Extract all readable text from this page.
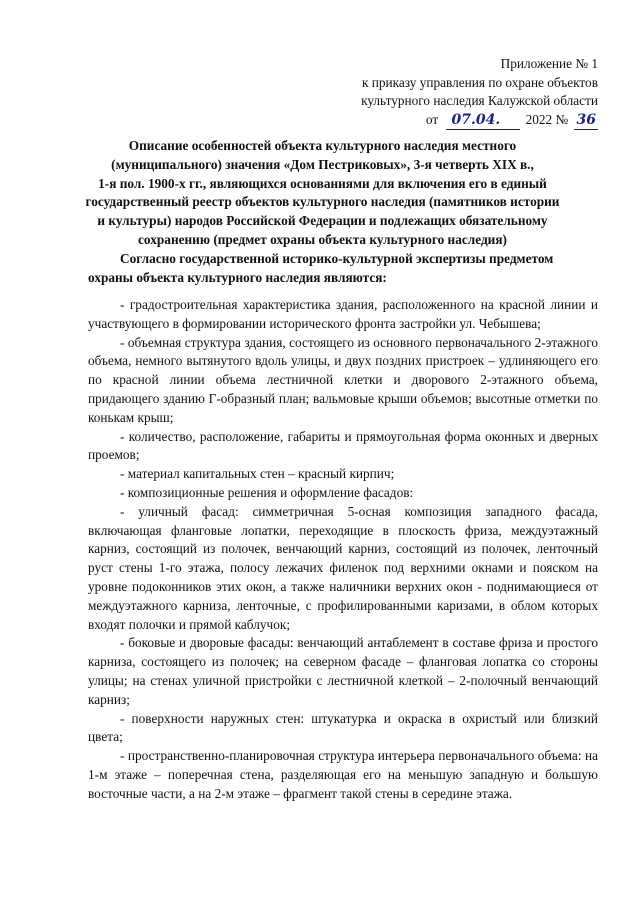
Приложение № 1
к приказу управления по охране объектов
культурного наследия Калужской области
от 07.04. 2022 № 36
Описание особенностей объекта культурного наследия местного
(муниципального) значения «Дом Пестриковых», 3-я четверть XIX в.,
1-я пол. 1900-х гг., являющихся основаниями для включения его в единый
государственный реестр объектов культурного наследия (памятников истории
и культуры) народов Российской Федерации и подлежащих обязательному
сохранению (предмет охраны объекта культурного наследия)
Согласно государственной историко-культурной экспертизы предметом
охраны объекта культурного наследия являются:

- градостроительная характеристика здания, расположенного на красной линии и участвующего в формировании исторического фронта застройки ул. Чебышева;

- объемная структура здания, состоящего из основного первоначального 2-этажного объема, немного вытянутого вдоль улицы, и двух поздних пристроек – удлиняющего его по красной линии объема лестничной клетки и дворового 2-этажного объема, придающего зданию Г-образный план; вальмовые крыши объемов; высотные отметки по конькам крыш;

- количество, расположение, габариты и прямоугольная форма оконных и дверных проемов;

- материал капитальных стен – красный кирпич;

- композиционные решения и оформление фасадов:

- уличный фасад: симметричная 5-осная композиция западного фасада, включающая фланговые лопатки, переходящие в плоскость фриза, междуэтажный карниз, состоящий из полочек, венчающий карниз, состоящий из полочек, ленточный руст стены 1-го этажа, полосу лежачих филенок под верхними окнами и пояском на уровне подоконников этих окон, а также наличники верхних окон - поднимающиеся от междуэтажного карниза, ленточные, с профилированными каризами, в облом которых входят полочки и прямой каблучок;

- боковые и дворовые фасады: венчающий антаблемент в составе фриза и простого карниза, состоящего из полочек; на северном фасаде – фланговая лопатка со стороны улицы; на стенах уличной пристройки с лестничной клеткой – 2-полочный венчающий карниз;

- поверхности наружных стен: штукатурка и окраска в охристый или близкий цвета;

- пространственно-планировочная структура интерьера первоначального объема: на 1-м этаже – поперечная стена, разделяющая его на меньшую западную и большую восточные части, а на 2-м этаже – фрагмент такой стены в середине этажа.
